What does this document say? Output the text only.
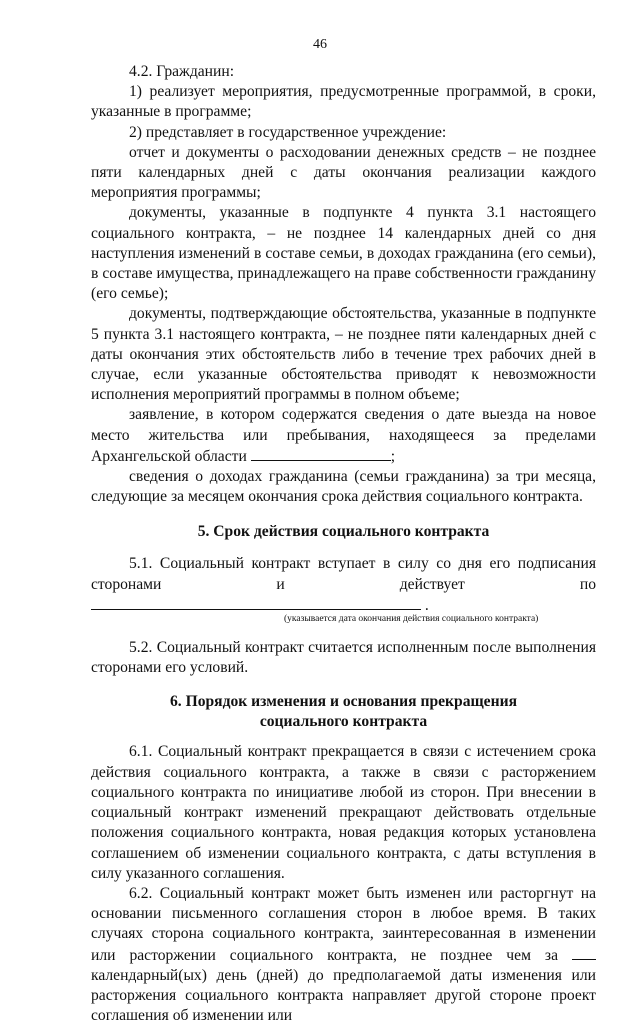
46

4.2. Гражданин:

1) реализует мероприятия, предусмотренные программой, в сроки, указанные в программе;

2) представляет в государственное учреждение:

отчет и документы о расходовании денежных средств – не позднее пяти календарных дней с даты окончания реализации каждого мероприятия программы;

документы, указанные в подпункте 4 пункта 3.1 настоящего социального контракта, – не позднее 14 календарных дней со дня наступления изменений в составе семьи, в доходах гражданина (его семьи), в составе имущества, принадлежащего на праве собственности гражданину (его семье);

документы, подтверждающие обстоятельства, указанные в подпункте 5 пункта 3.1 настоящего контракта, – не позднее пяти календарных дней с даты окончания этих обстоятельств либо в течение трех рабочих дней в случае, если указанные обстоятельства приводят к невозможности исполнения мероприятий программы в полном объеме;

заявление, в котором содержатся сведения о дате выезда на новое место жительства или пребывания, находящееся за пределами Архангельской области	;

сведения о доходах гражданина (семьи гражданина) за три месяца, следующие за месяцем окончания срока действия социального контракта.

5. Срок действия социального контракта

5.1. Социальный контракт вступает в силу со дня его подписания сторонами и действует по  .

(указывается дата окончания действия социального контракта)

5.2. Социальный контракт считается исполненным после выполнения сторонами его условий.

6. Порядок изменения и основания прекращения
социального контракта

6.1. Социальный контракт прекращается в связи с истечением срока действия социального контракта, а также в связи с расторжением социального контракта по инициативе любой из сторон. При внесении в социальный контракт изменений прекращают действовать отдельные положения социального контракта, новая редакция которых установлена соглашением об изменении социального контракта, с даты вступления в силу указанного соглашения.

6.2. Социальный контракт может быть изменен или расторгнут на основании письменного соглашения сторон в любое время. В таких случаях сторона социального контракта, заинтересованная в изменении или расторжении социального контракта, не позднее чем за  календарный(ых) день (дней) до предполагаемой даты изменения или расторжения социального контракта направляет другой стороне проект соглашения об изменении или
